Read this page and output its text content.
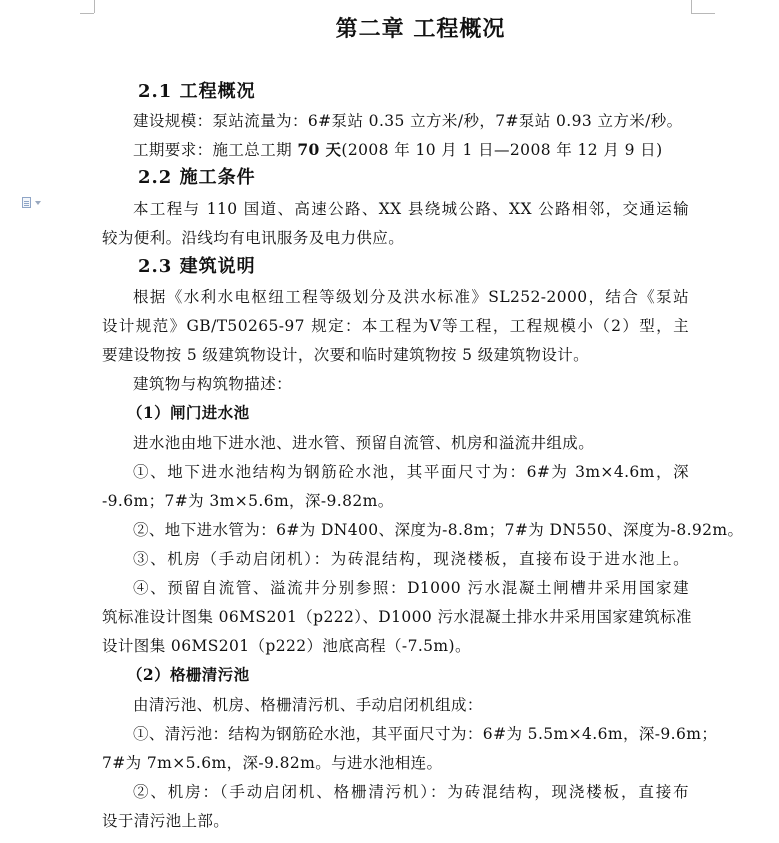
第二章 工程概况
2.1 工程概况
建设规模：泵站流量为：6#泵站 0.35 立方米/秒，7#泵站 0.93 立方米/秒。
工期要求：施工总工期 70 天(2008 年 10 月 1 日—2008 年 12 月 9 日)
2.2 施工条件
本工程与 110 国道、高速公路、XX 县绕城公路、XX 公路相邻，交通运输
较为便利。沿线均有电讯服务及电力供应。
2.3 建筑说明
根据《水利水电枢纽工程等级划分及洪水标准》SL252-2000，结合《泵站
设计规范》GB/T50265-97 规定：本工程为Ⅴ等工程，工程规模小（2）型，主
要建设物按 5 级建筑物设计，次要和临时建筑物按 5 级建筑物设计。
建筑物与构筑物描述：
（1）闸门进水池
进水池由地下进水池、进水管、预留自流管、机房和溢流井组成。
①、地下进水池结构为钢筋砼水池，其平面尺寸为：6#为 3m×4.6m，深
-9.6m；7#为 3m×5.6m，深-9.82m。
②、地下进水管为：6#为 DN400、深度为-8.8m；7#为 DN550、深度为-8.92m。
③、机房（手动启闭机）：为砖混结构，现浇楼板，直接布设于进水池上。
④、预留自流管、溢流井分别参照：D1000 污水混凝土闸槽井采用国家建
筑标准设计图集 06MS201（p222）、D1000 污水混凝土排水井采用国家建筑标准
设计图集 06MS201（p222）池底高程（-7.5m)。
（2）格栅清污池
由清污池、机房、格栅清污机、手动启闭机组成：
①、清污池：结构为钢筋砼水池，其平面尺寸为：6#为 5.5m×4.6m，深-9.6m；
7#为 7m×5.6m，深-9.82m。与进水池相连。
②、机房：（手动启闭机、格栅清污机）：为砖混结构，现浇楼板，直接布
设于清污池上部。
